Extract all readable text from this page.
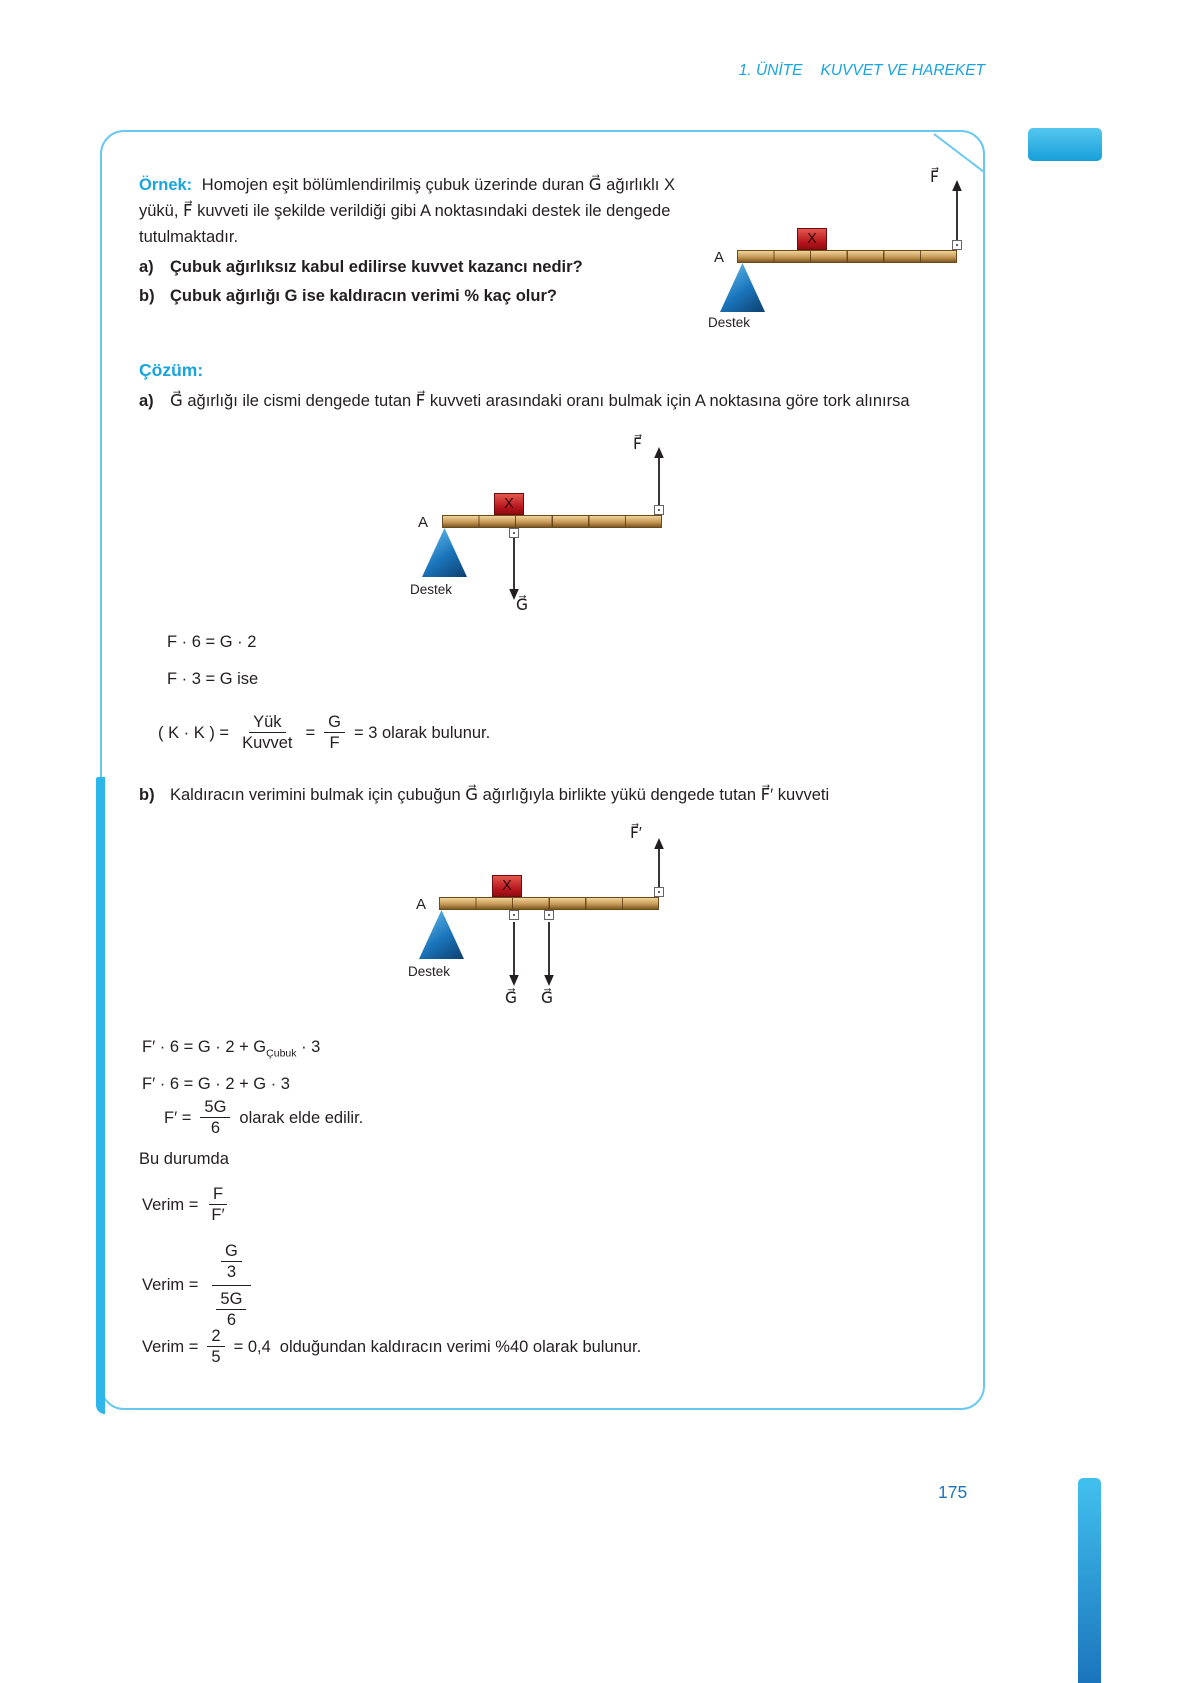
1. ÜNİTE KUVVET VE HAREKET
Örnek: Homojen eşit bölümlendirilmiş çubuk üzerinde duran G⃗ ağırlıklı X yükü, F⃗ kuvveti ile şekilde verildiği gibi A noktasındaki destek ile dengede tutulmaktadır.
a) Çubuk ağırlıksız kabul edilirse kuvvet kazancı nedir?
b) Çubuk ağırlığı G ise kaldıracın verimi % kaç olur?
F⃗
A
X
Destek
Çözüm:
a) G⃗ ağırlığı ile cismi dengede tutan F⃗ kuvveti arasındaki oranı bulmak için A noktasına göre tork alınırsa
F⃗
A
X
Destek
G⃗
F · 6 = G · 2
F · 3 = G ise
( K · K ) = $\frac{\text{Yük}}{\text{Kuvvet}} = \frac{G}{F} = 3$ olarak bulunur.
b) Kaldıracın verimini bulmak için çubuğun G⃗ ağırlığıyla birlikte yükü dengede tutan F⃗′ kuvveti
F⃗′
A
X
Destek
G⃗ G⃗
$F' \cdot 6 = G \cdot 2 + G_{Çubuk} \cdot 3$
F′ · 6 = G · 2 + G · 3
$F' = \frac{5G}{6}$ olarak elde edilir.
Bu durumda
Verim = $\frac{F}{F'}$
Verim = $\frac{\frac{G}{3}}{\frac{5G}{6}}$
Verim = $\frac{2}{5} = 0,4$ olduğundan kaldıracın verimi %40 olarak bulunur.
175
